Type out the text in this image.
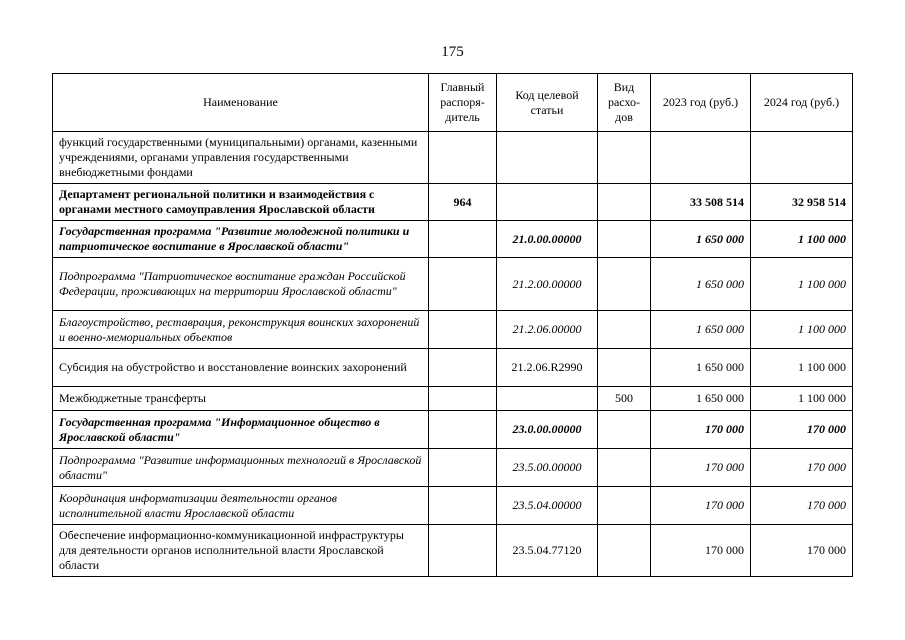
175
Наименование	Главный распоря-дитель	Код целевой статьи	Вид расхо-дов	2023 год (руб.)	2024 год (руб.)
функций государственными (муниципальными) органами, казенными учреждениями, органами управления государственными внебюджетными фондами					
Департамент региональной политики и взаимодействия с органами местного самоуправления Ярославской области	964			33 508 514	32 958 514
Государственная программа "Развитие молодежной политики и патриотическое воспитание в Ярославской области"		21.0.00.00000		1 650 000	1 100 000
Подпрограмма "Патриотическое воспитание граждан Российской Федерации, проживающих на территории Ярославской области"		21.2.00.00000		1 650 000	1 100 000
Благоустройство, реставрация, реконструкция воинских захоронений и военно-мемориальных объектов		21.2.06.00000		1 650 000	1 100 000
Субсидия на обустройство и восстановление воинских захоронений		21.2.06.R2990		1 650 000	1 100 000
Межбюджетные трансферты			500	1 650 000	1 100 000
Государственная программа "Информационное общество в Ярославской области"		23.0.00.00000		170 000	170 000
Подпрограмма "Развитие информационных технологий в Ярославской области"		23.5.00.00000		170 000	170 000
Координация информатизации деятельности органов исполнительной власти Ярославской области		23.5.04.00000		170 000	170 000
Обеспечение информационно-коммуникационной инфраструктуры для деятельности органов исполнительной власти Ярославской области		23.5.04.77120		170 000	170 000
